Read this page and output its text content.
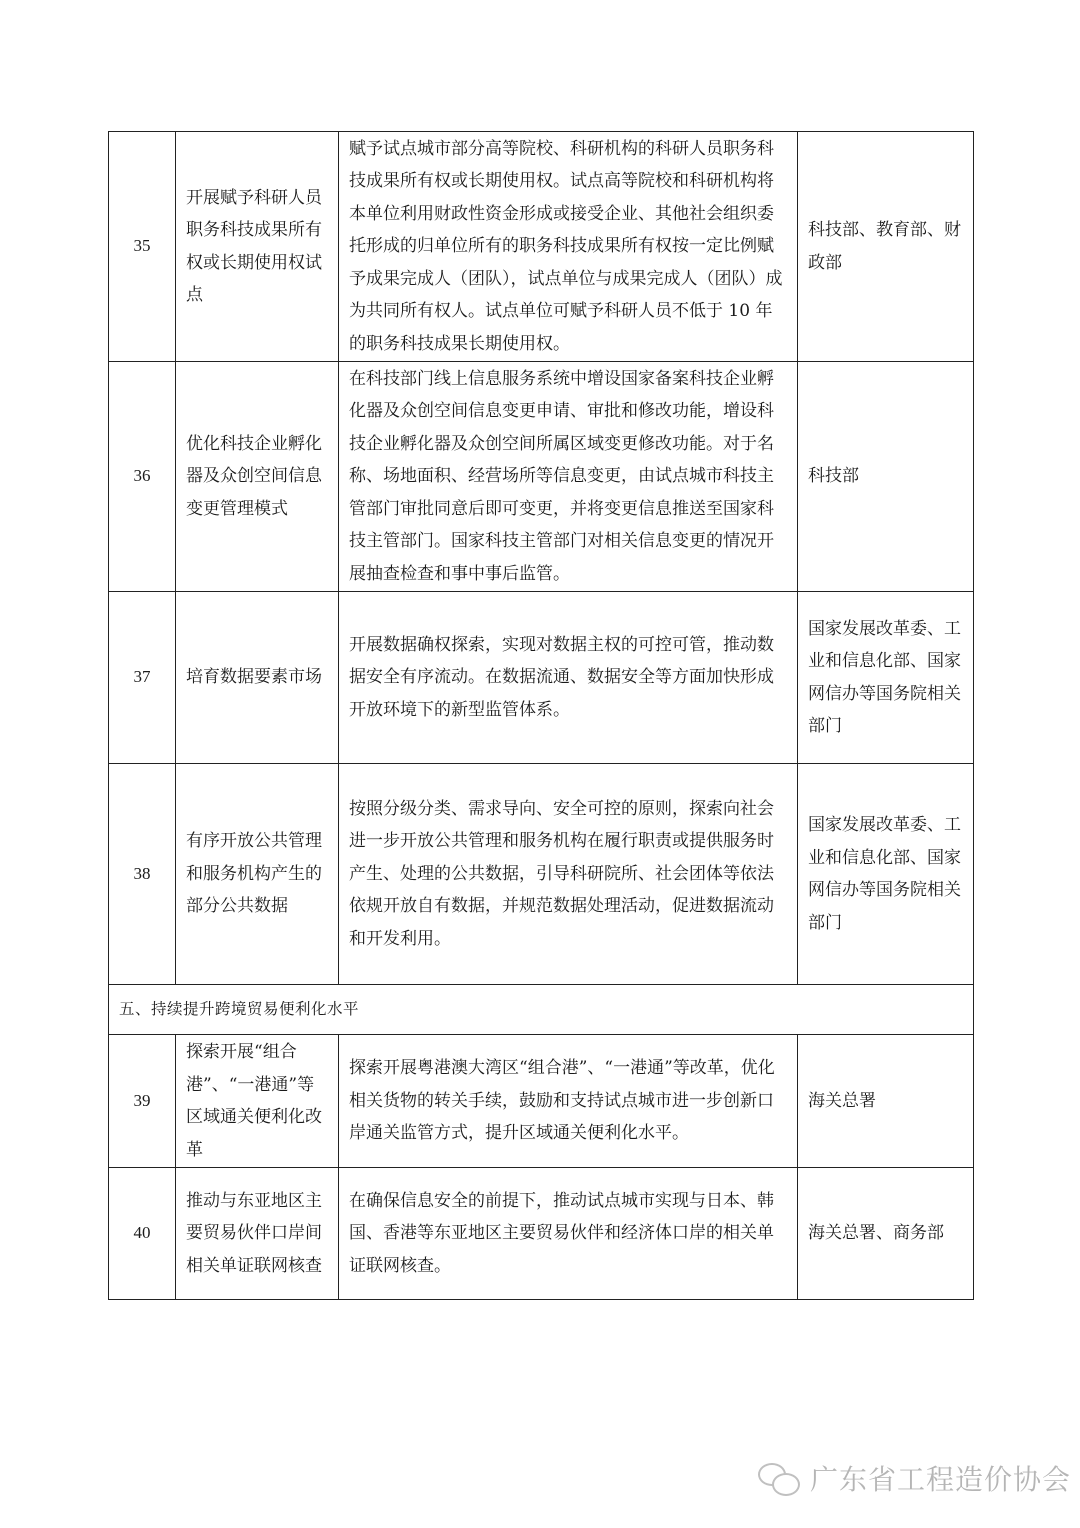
35	开展赋予科研人员职务科技成果所有权或长期使用权试点	赋予试点城市部分高等院校、科研机构的科研人员职务科技成果所有权或长期使用权。试点高等院校和科研机构将本单位利用财政性资金形成或接受企业、其他社会组织委托形成的归单位所有的职务科技成果所有权按一定比例赋予成果完成人（团队），试点单位与成果完成人（团队）成为共同所有权人。试点单位可赋予科研人员不低于 10 年的职务科技成果长期使用权。	科技部、教育部、财政部
36	优化科技企业孵化器及众创空间信息变更管理模式	在科技部门线上信息服务系统中增设国家备案科技企业孵化器及众创空间信息变更申请、审批和修改功能，增设科技企业孵化器及众创空间所属区域变更修改功能。对于名称、场地面积、经营场所等信息变更，由试点城市科技主管部门审批同意后即可变更，并将变更信息推送至国家科技主管部门。国家科技主管部门对相关信息变更的情况开展抽查检查和事中事后监管。	科技部
37	培育数据要素市场	开展数据确权探索，实现对数据主权的可控可管，推动数据安全有序流动。在数据流通、数据安全等方面加快形成开放环境下的新型监管体系。	国家发展改革委、工业和信息化部、国家网信办等国务院相关部门
38	有序开放公共管理和服务机构产生的部分公共数据	按照分级分类、需求导向、安全可控的原则，探索向社会进一步开放公共管理和服务机构在履行职责或提供服务时产生、处理的公共数据，引导科研院所、社会团体等依法依规开放自有数据，并规范数据处理活动，促进数据流动和开发利用。	国家发展改革委、工业和信息化部、国家网信办等国务院相关部门
五、持续提升跨境贸易便利化水平			
39	探索开展“组合港”、“一港通”等区域通关便利化改革	探索开展粤港澳大湾区“组合港”、“一港通”等改革，优化相关货物的转关手续，鼓励和支持试点城市进一步创新口岸通关监管方式，提升区域通关便利化水平。	海关总署
40	推动与东亚地区主要贸易伙伴口岸间相关单证联网核查	在确保信息安全的前提下，推动试点城市实现与日本、韩国、香港等东亚地区主要贸易伙伴和经济体口岸的相关单证联网核查。	海关总署、商务部
广东省工程造价协会
